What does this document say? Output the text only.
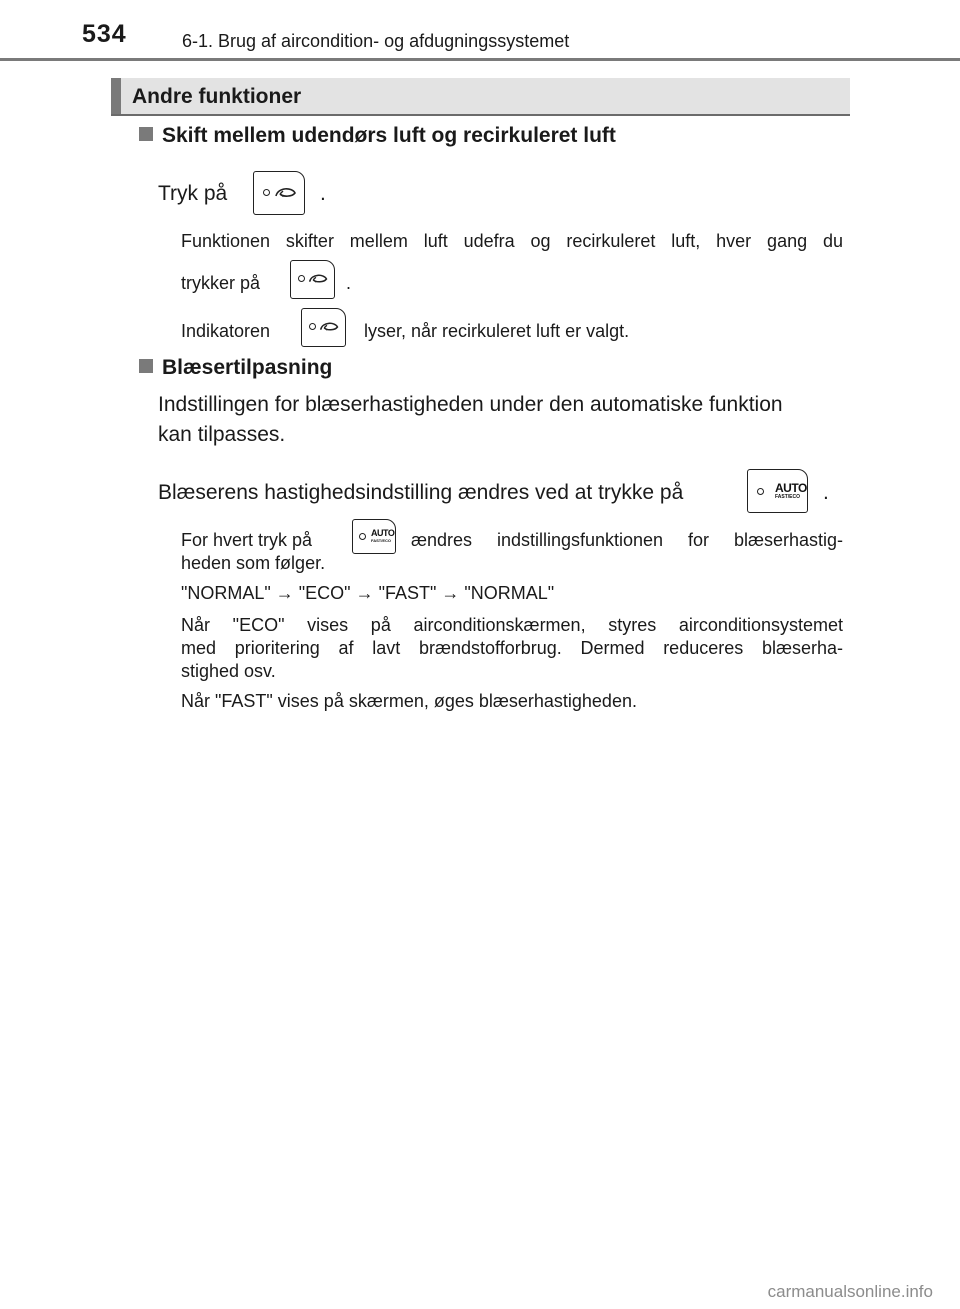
534	6-1. Brug af aircondition- og afdugningssystemet
Andre funktioner
Skift mellem udendørs luft og recirkuleret luft
Tryk på	.
Funktionen skifter mellem luft udefra og recirkuleret luft, hver gang du
trykker på	.
Indikatoren	lyser, når recirkuleret luft er valgt.
Blæsertilpasning
Indstillingen for blæserhastigheden under den automatiske funktion
kan tilpasses.
Blæserens hastighedsindstilling ændres ved at trykke på	AUTO
FAST/ECO .
For hvert tryk på	AUTO
FAST/ECO ændres indstillingsfunktionen for blæserhastig-
heden som følger.
"NORMAL" → "ECO" → "FAST" → "NORMAL"
Når "ECO" vises på airconditionskærmen, styres airconditionsystemet
med prioritering af lavt brændstofforbrug. Dermed reduceres blæserha-
stighed osv.
Når "FAST" vises på skærmen, øges blæserhastigheden.
carmanualsonline.info
